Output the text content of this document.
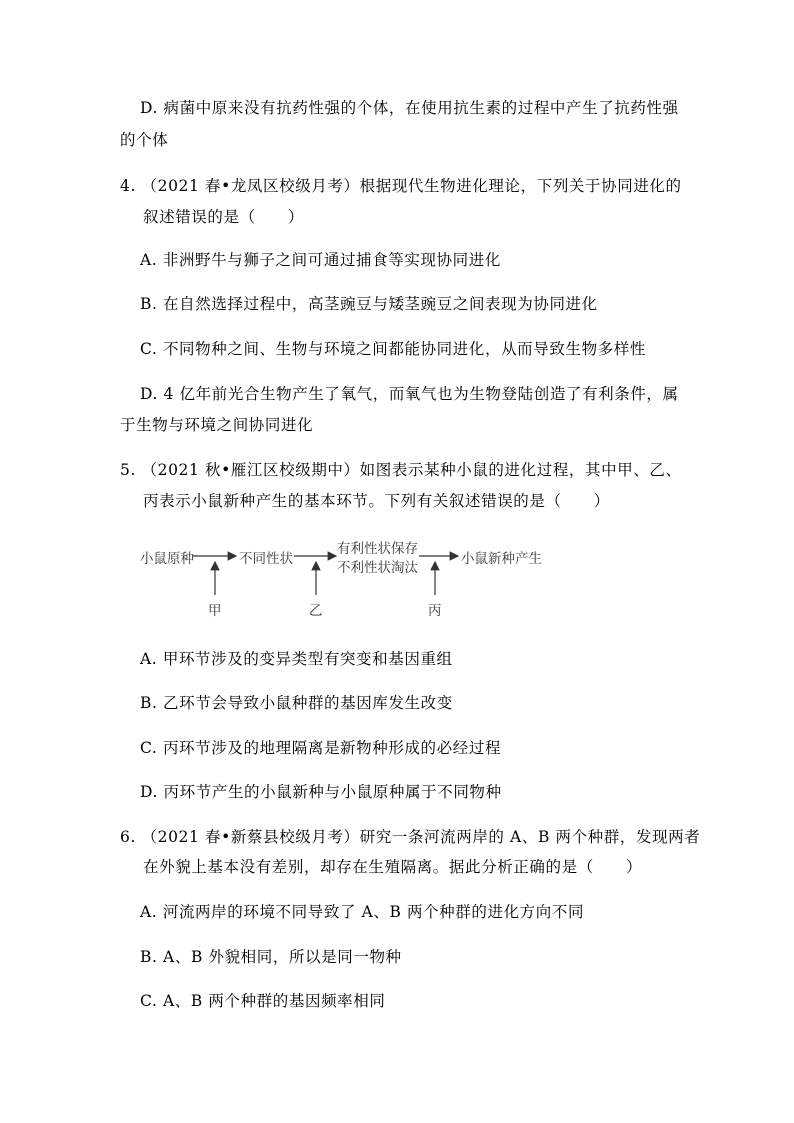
D. 病菌中原来没有抗药性强的个体，在使用抗生素的过程中产生了抗药性强
的个体
4. （2021 春•龙凤区校级月考）根据现代生物进化理论，下列关于协同进化的
叙述错误的是（　　）
A. 非洲野牛与狮子之间可通过捕食等实现协同进化
B. 在自然选择过程中，高茎豌豆与矮茎豌豆之间表现为协同进化
C. 不同物种之间、生物与环境之间都能协同进化，从而导致生物多样性
D. 4 亿年前光合生物产生了氧气，而氧气也为生物登陆创造了有利条件，属
于生物与环境之间协同进化
5. （2021 秋•雁江区校级期中）如图表示某种小鼠的进化过程，其中甲、乙、
丙表示小鼠新种产生的基本环节。下列有关叙述错误的是（　　）
小鼠原种	不同性状
有利性状保存
不利性状淘汰
小鼠新种产生
甲	乙	丙
A. 甲环节涉及的变异类型有突变和基因重组
B. 乙环节会导致小鼠种群的基因库发生改变
C. 丙环节涉及的地理隔离是新物种形成的必经过程
D. 丙环节产生的小鼠新种与小鼠原种属于不同物种
6. （2021 春•新蔡县校级月考）研究一条河流两岸的 A、B 两个种群，发现两者
在外貌上基本没有差别，却存在生殖隔离。据此分析正确的是（　　）
A. 河流两岸的环境不同导致了 A、B 两个种群的进化方向不同
B. A、B 外貌相同，所以是同一物种
C. A、B 两个种群的基因频率相同
